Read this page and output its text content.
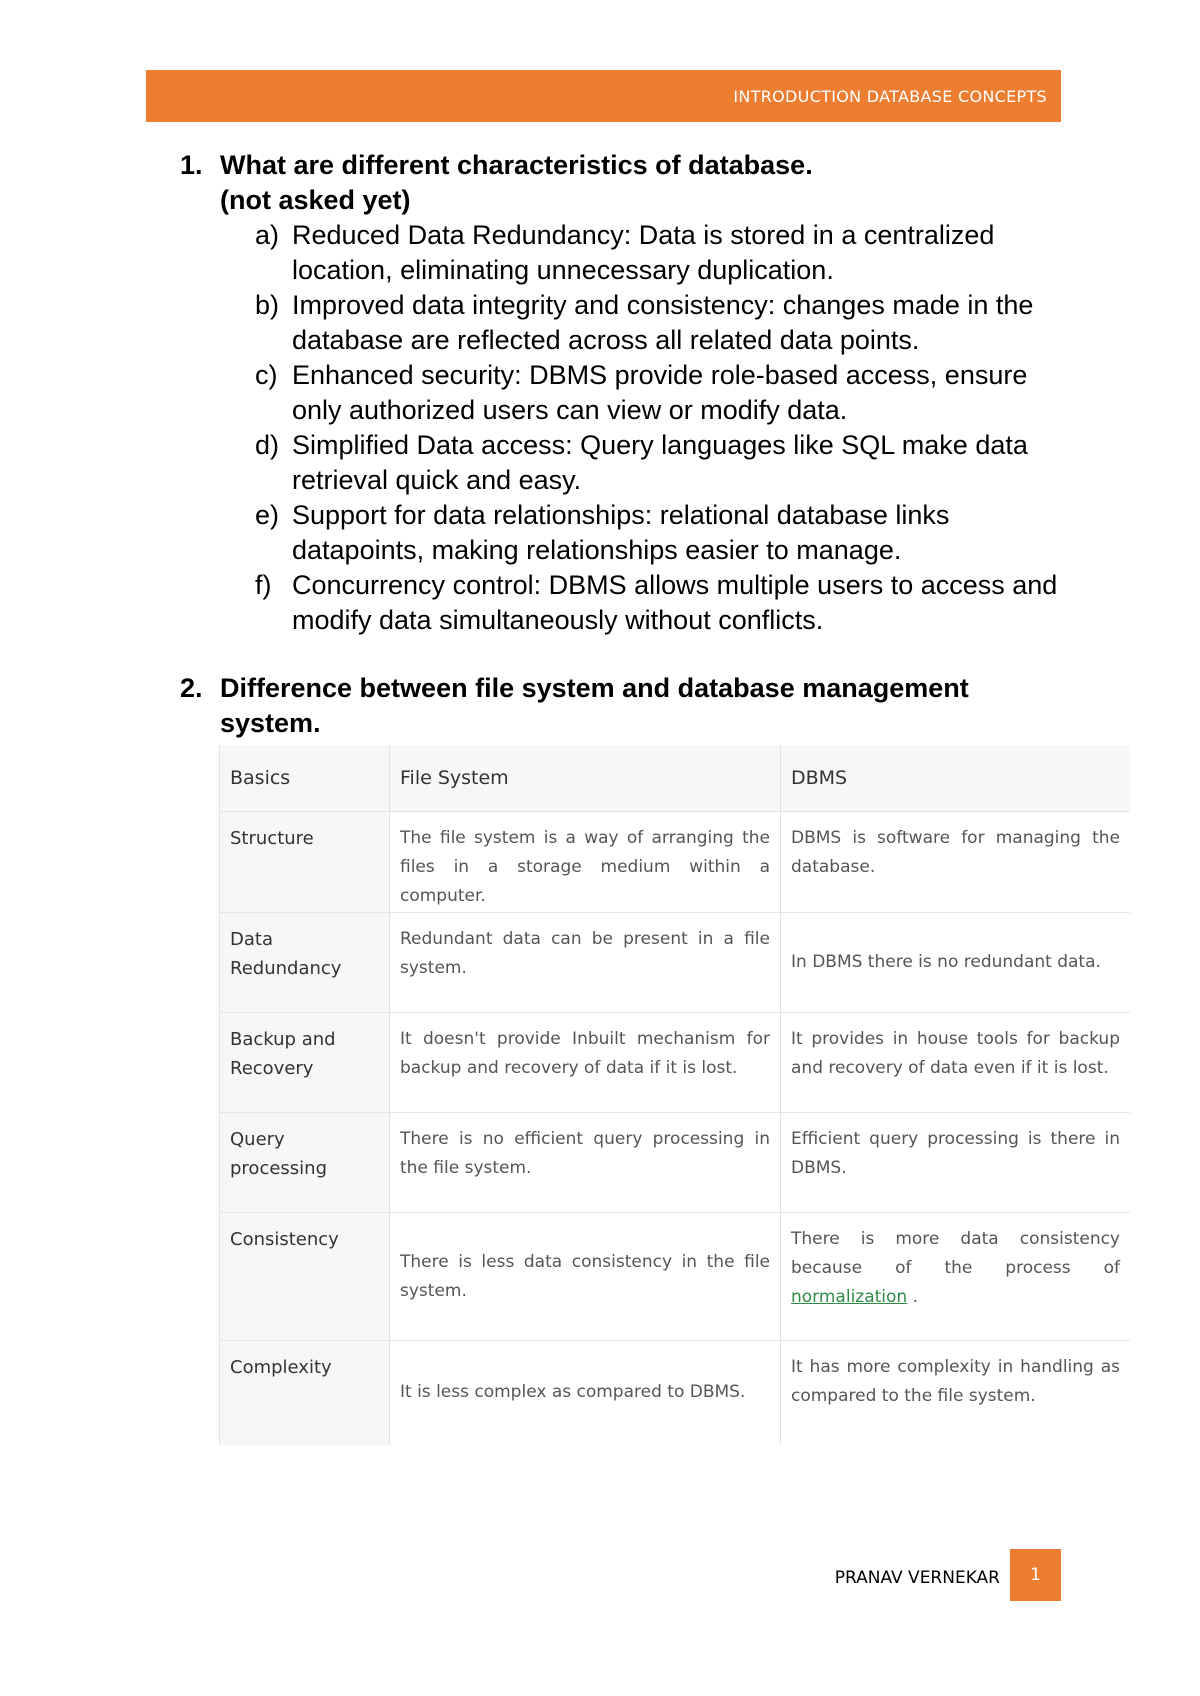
INTRODUCTION DATABASE CONCEPTS
1. What are different characteristics of database.
(not asked yet)
a) Reduced Data Redundancy: Data is stored in a centralized location, eliminating unnecessary duplication.
b) Improved data integrity and consistency: changes made in the database are reflected across all related data points.
c) Enhanced security: DBMS provide role-based access, ensure only authorized users can view or modify data.
d) Simplified Data access: Query languages like SQL make data retrieval quick and easy.
e) Support for data relationships: relational database links datapoints, making relationships easier to manage.
f) Concurrency control: DBMS allows multiple users to access and modify data simultaneously without conflicts.
2. Difference between file system and database management system.
Basics	File System	DBMS
Structure	The file system is a way of arranging the files in a storage medium within a computer.	DBMS is software for managing the database.
Data Redundancy	Redundant data can be present in a file system.	In DBMS there is no redundant data.
Backup and Recovery	It doesn't provide Inbuilt mechanism for backup and recovery of data if it is lost.	It provides in house tools for backup and recovery of data even if it is lost.
Query processing	There is no efficient query processing in the file system.	Efficient query processing is there in DBMS.
Consistency	There is less data consistency in the file system.	There is more data consistency because of the process of normalization .
Complexity	It is less complex as compared to DBMS.	It has more complexity in handling as compared to the file system.
PRANAV VERNEKAR	1
